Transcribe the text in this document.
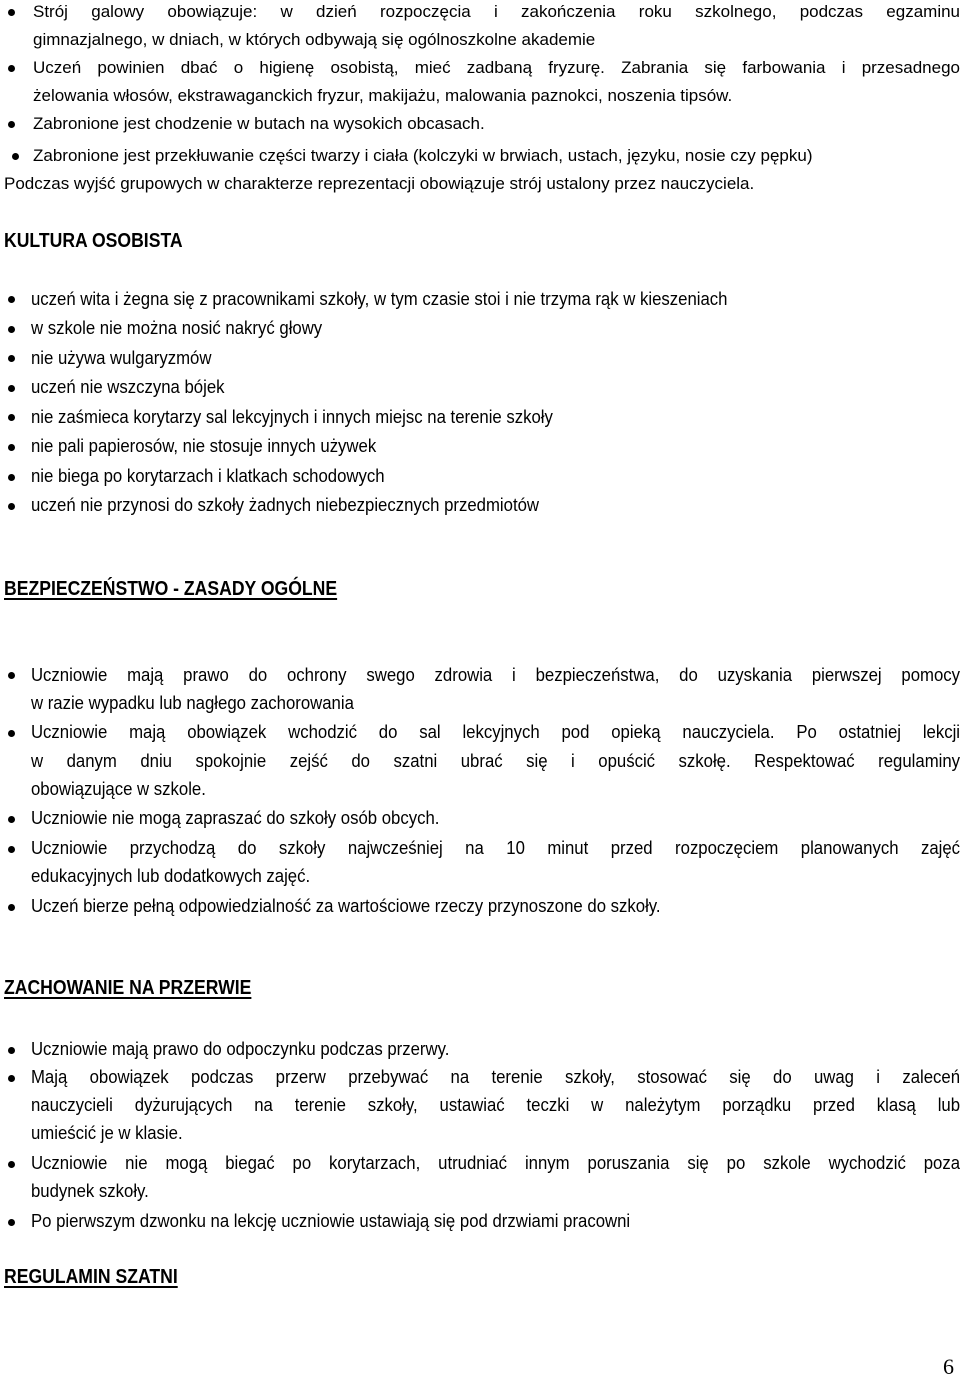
Strój galowy obowiązuje: w dzień rozpoczęcia i zakończenia roku szkolnego, podczas egzaminu

gimnazjalnego, w dniach, w których odbywają się ogólnoszkolne akademie

Uczeń powinien dbać o higienę osobistą, mieć zadbaną fryzurę. Zabrania się farbowania i przesadnego

żelowania włosów, ekstrawaganckich fryzur, makijażu, malowania paznokci, noszenia tipsów.

Zabronione jest chodzenie w butach na wysokich obcasach.

Zabronione jest przekłuwanie części twarzy i ciała (kolczyki w brwiach, ustach, języku, nosie czy pępku)

Podczas wyjść grupowych w charakterze reprezentacji obowiązuje strój ustalony przez nauczyciela.

KULTURA OSOBISTA

uczeń wita i żegna się z pracownikami szkoły, w tym czasie stoi i nie trzyma rąk w kieszeniach

w szkole nie można nosić nakryć głowy

nie używa wulgaryzmów

uczeń nie wszczyna bójek

nie zaśmieca korytarzy sal lekcyjnych i innych miejsc na terenie szkoły

nie pali papierosów, nie stosuje innych używek

nie biega po korytarzach i klatkach schodowych

uczeń nie przynosi do szkoły żadnych niebezpiecznych przedmiotów

BEZPIECZEŃSTWO - ZASADY OGÓLNE

Uczniowie mają prawo do ochrony swego zdrowia i bezpieczeństwa, do uzyskania pierwszej pomocy

w razie wypadku lub nagłego zachorowania

Uczniowie mają obowiązek wchodzić do sal lekcyjnych pod opieką nauczyciela. Po ostatniej lekcji

w danym dniu spokojnie zejść do szatni ubrać się i opuścić szkołę. Respektować regulaminy

obowiązujące w szkole.

Uczniowie nie mogą zapraszać do szkoły osób obcych.

Uczniowie przychodzą do szkoły najwcześniej na 10 minut przed rozpoczęciem planowanych zajęć

edukacyjnych lub dodatkowych zajęć.

Uczeń bierze pełną odpowiedzialność za wartościowe rzeczy przynoszone do szkoły.

ZACHOWANIE NA PRZERWIE

Uczniowie mają prawo do odpoczynku podczas przerwy.

Mają obowiązek podczas przerw przebywać na terenie szkoły, stosować się do uwag i zaleceń

nauczycieli dyżurujących na terenie szkoły, ustawiać teczki w należytym porządku przed klasą lub

umieścić je w klasie.

Uczniowie nie mogą biegać po korytarzach, utrudniać innym poruszania się po szkole wychodzić poza

budynek szkoły.

Po pierwszym dzwonku na lekcję uczniowie ustawiają się pod drzwiami pracowni

REGULAMIN SZATNI
6
